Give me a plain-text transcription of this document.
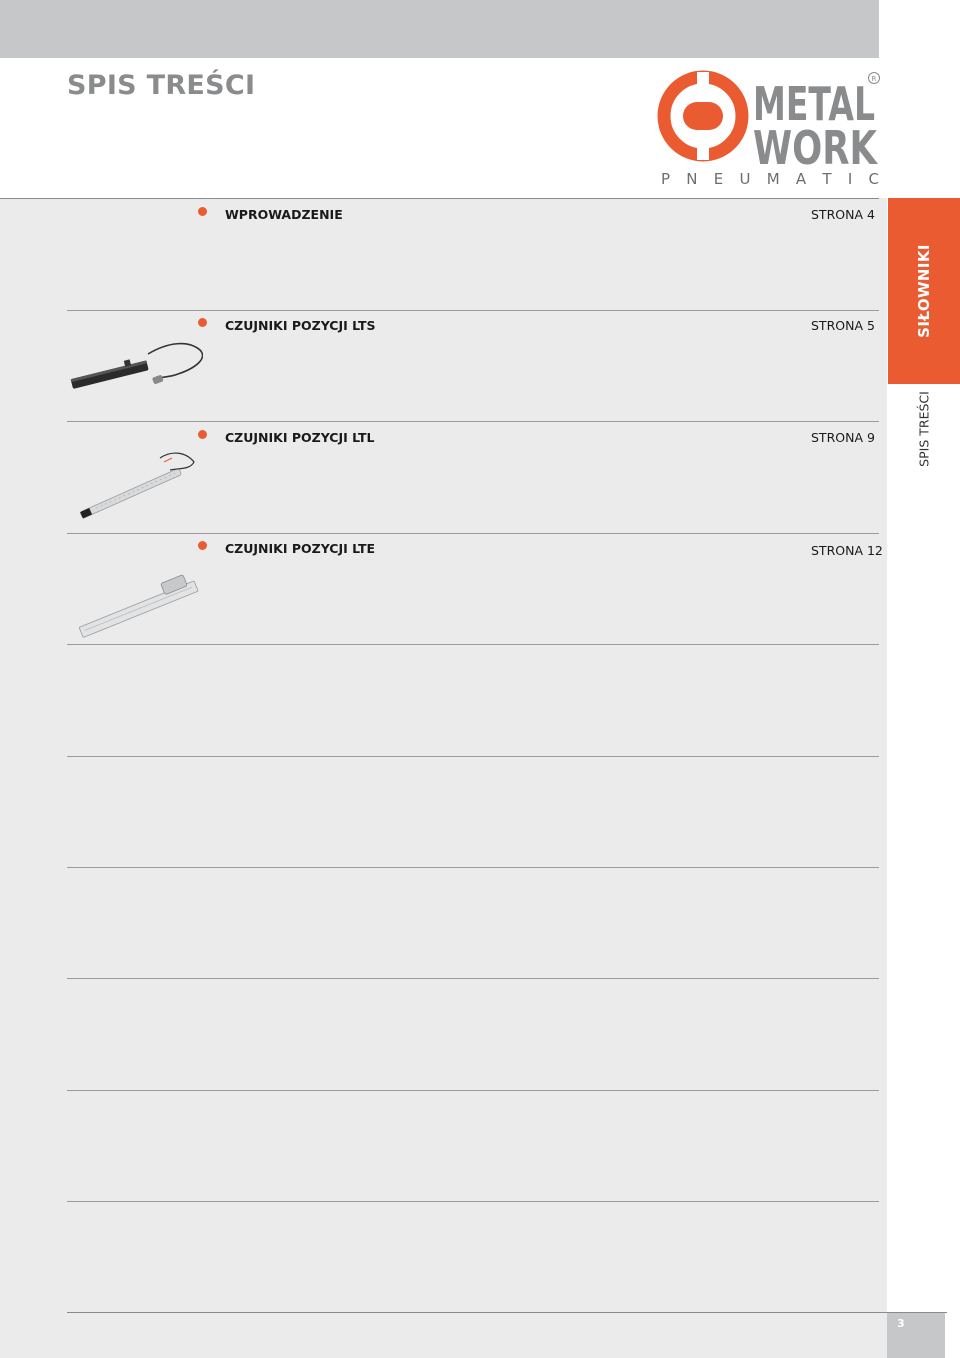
SPIS TREŚCI	METAL
WORK
P N E U M A T I C
R
WPROWADZENIE	STRONA 4
CZUJNIKI POZYCJI LTS	STRONA 5
CZUJNIKI POZYCJI LTL	STRONA 9
CZUJNIKI POZYCJI LTE	STRONA 12
SIŁOWNIKI
SPIS TREŚCI
3
